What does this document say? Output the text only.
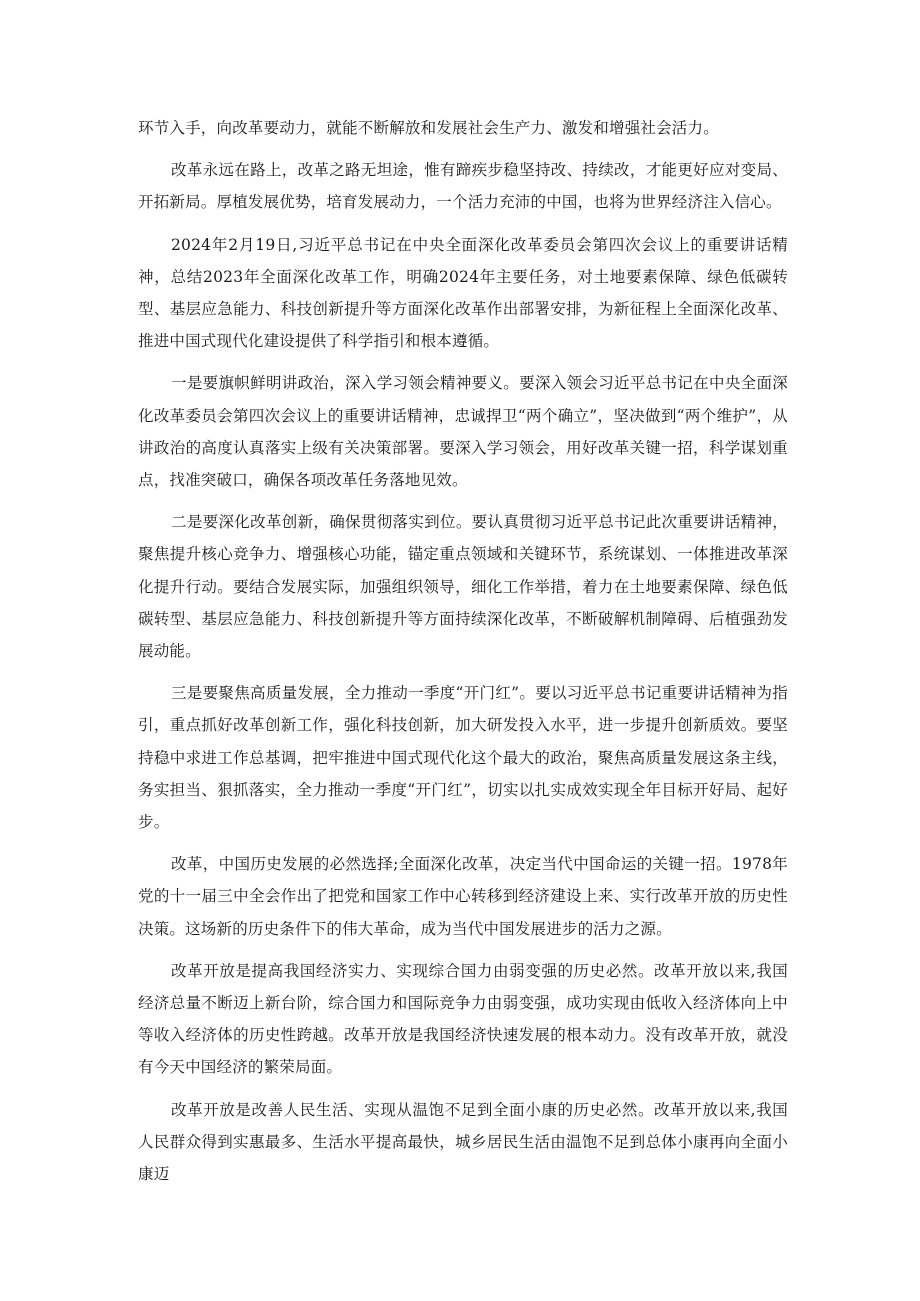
环节入手，向改革要动力，就能不断解放和发展社会生产力、激发和增强社会活力。

改革永远在路上，改革之路无坦途，惟有蹄疾步稳坚持改、持续改，才能更好应对变局、开拓新局。厚植发展优势，培育发展动力，一个活力充沛的中国，也将为世界经济注入信心。

2024年2月19日,习近平总书记在中央全面深化改革委员会第四次会议上的重要讲话精神，总结2023年全面深化改革工作，明确2024年主要任务，对土地要素保障、绿色低碳转型、基层应急能力、科技创新提升等方面深化改革作出部署安排，为新征程上全面深化改革、推进中国式现代化建设提供了科学指引和根本遵循。

一是要旗帜鲜明讲政治，深入学习领会精神要义。要深入领会习近平总书记在中央全面深化改革委员会第四次会议上的重要讲话精神，忠诚捍卫“两个确立”，坚决做到“两个维护”，从讲政治的高度认真落实上级有关决策部署。要深入学习领会，用好改革关键一招，科学谋划重点，找准突破口，确保各项改革任务落地见效。

二是要深化改革创新，确保贯彻落实到位。要认真贯彻习近平总书记此次重要讲话精神，聚焦提升核心竞争力、增强核心功能，锚定重点领域和关键环节，系统谋划、一体推进改革深化提升行动。要结合发展实际，加强组织领导，细化工作举措，着力在土地要素保障、绿色低碳转型、基层应急能力、科技创新提升等方面持续深化改革，不断破解机制障碍、后植强劲发展动能。

三是要聚焦高质量发展，全力推动一季度“开门红”。要以习近平总书记重要讲话精神为指引，重点抓好改革创新工作，强化科技创新，加大研发投入水平，进一步提升创新质效。要坚持稳中求进工作总基调，把牢推进中国式现代化这个最大的政治，聚焦高质量发展这条主线，务实担当、狠抓落实，全力推动一季度“开门红”，切实以扎实成效实现全年目标开好局、起好步。

改革，中国历史发展的必然选择;全面深化改革，决定当代中国命运的关键一招。1978年党的十一届三中全会作出了把党和国家工作中心转移到经济建设上来、实行改革开放的历史性决策。这场新的历史条件下的伟大革命，成为当代中国发展进步的活力之源。

改革开放是提高我国经济实力、实现综合国力由弱变强的历史必然。改革开放以来,我国经济总量不断迈上新台阶，综合国力和国际竞争力由弱变强，成功实现由低收入经济体向上中等收入经济体的历史性跨越。改革开放是我国经济快速发展的根本动力。没有改革开放，就没有今天中国经济的繁荣局面。

改革开放是改善人民生活、实现从温饱不足到全面小康的历史必然。改革开放以来,我国人民群众得到实惠最多、生活水平提高最快，城乡居民生活由温饱不足到总体小康再向全面小康迈
